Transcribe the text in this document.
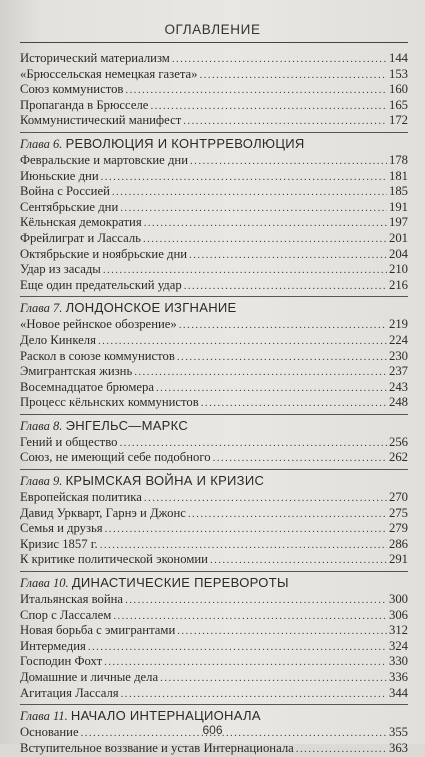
ОГЛАВЛЕНИЕ
Исторический материализм .....	144
«Брюссельская немецкая газета» .....	153
Союз коммунистов .....	160
Пропаганда в Брюсселе .....	165
Коммунистический манифест .....	172
Глава 6. РЕВОЛЮЦИЯ И КОНТРРЕВОЛЮЦИЯ
Февральские и мартовские дни .....	178
Июньские дни .....	181
Война с Россией .....	185
Сентябрьские дни .....	191
Кёльнская демократия .....	197
Фрейлиграт и Лассаль .....	201
Октябрьские и ноябрьские дни .....	204
Удар из засады .....	210
Еще один предательский удар .....	216
Глава 7. ЛОНДОНСКОЕ ИЗГНАНИЕ
«Новое рейнское обозрение» .....	219
Дело Кинкеля .....	224
Раскол в союзе коммунистов .....	230
Эмигрантская жизнь .....	237
Восемнадцатое брюмера .....	243
Процесс кёльнских коммунистов .....	248
Глава 8. ЭНГЕЛЬС—МАРКС
Гений и общество .....	256
Союз, не имеющий себе подобного .....	262
Глава 9. КРЫМСКАЯ ВОЙНА И КРИЗИС
Европейская политика .....	270
Давид Уркварт, Гарнэ и Джонс .....	275
Семья и друзья .....	279
Кризис 1857 г. .....	286
К критике политической экономии .....	291
Глава 10. ДИНАСТИЧЕСКИЕ ПЕРЕВОРОТЫ
Итальянская война .....	300
Спор с Лассалем .....	306
Новая борьба с эмигрантами .....	312
Интермедия .....	324
Господин Фохт .....	330
Домашние и личные дела .....	336
Агитация Лассаля .....	344
Глава 11. НАЧАЛО ИНТЕРНАЦИОНАЛА
Основание .....	355
Вступительное воззвание и устав Интернационала .....	363
606
